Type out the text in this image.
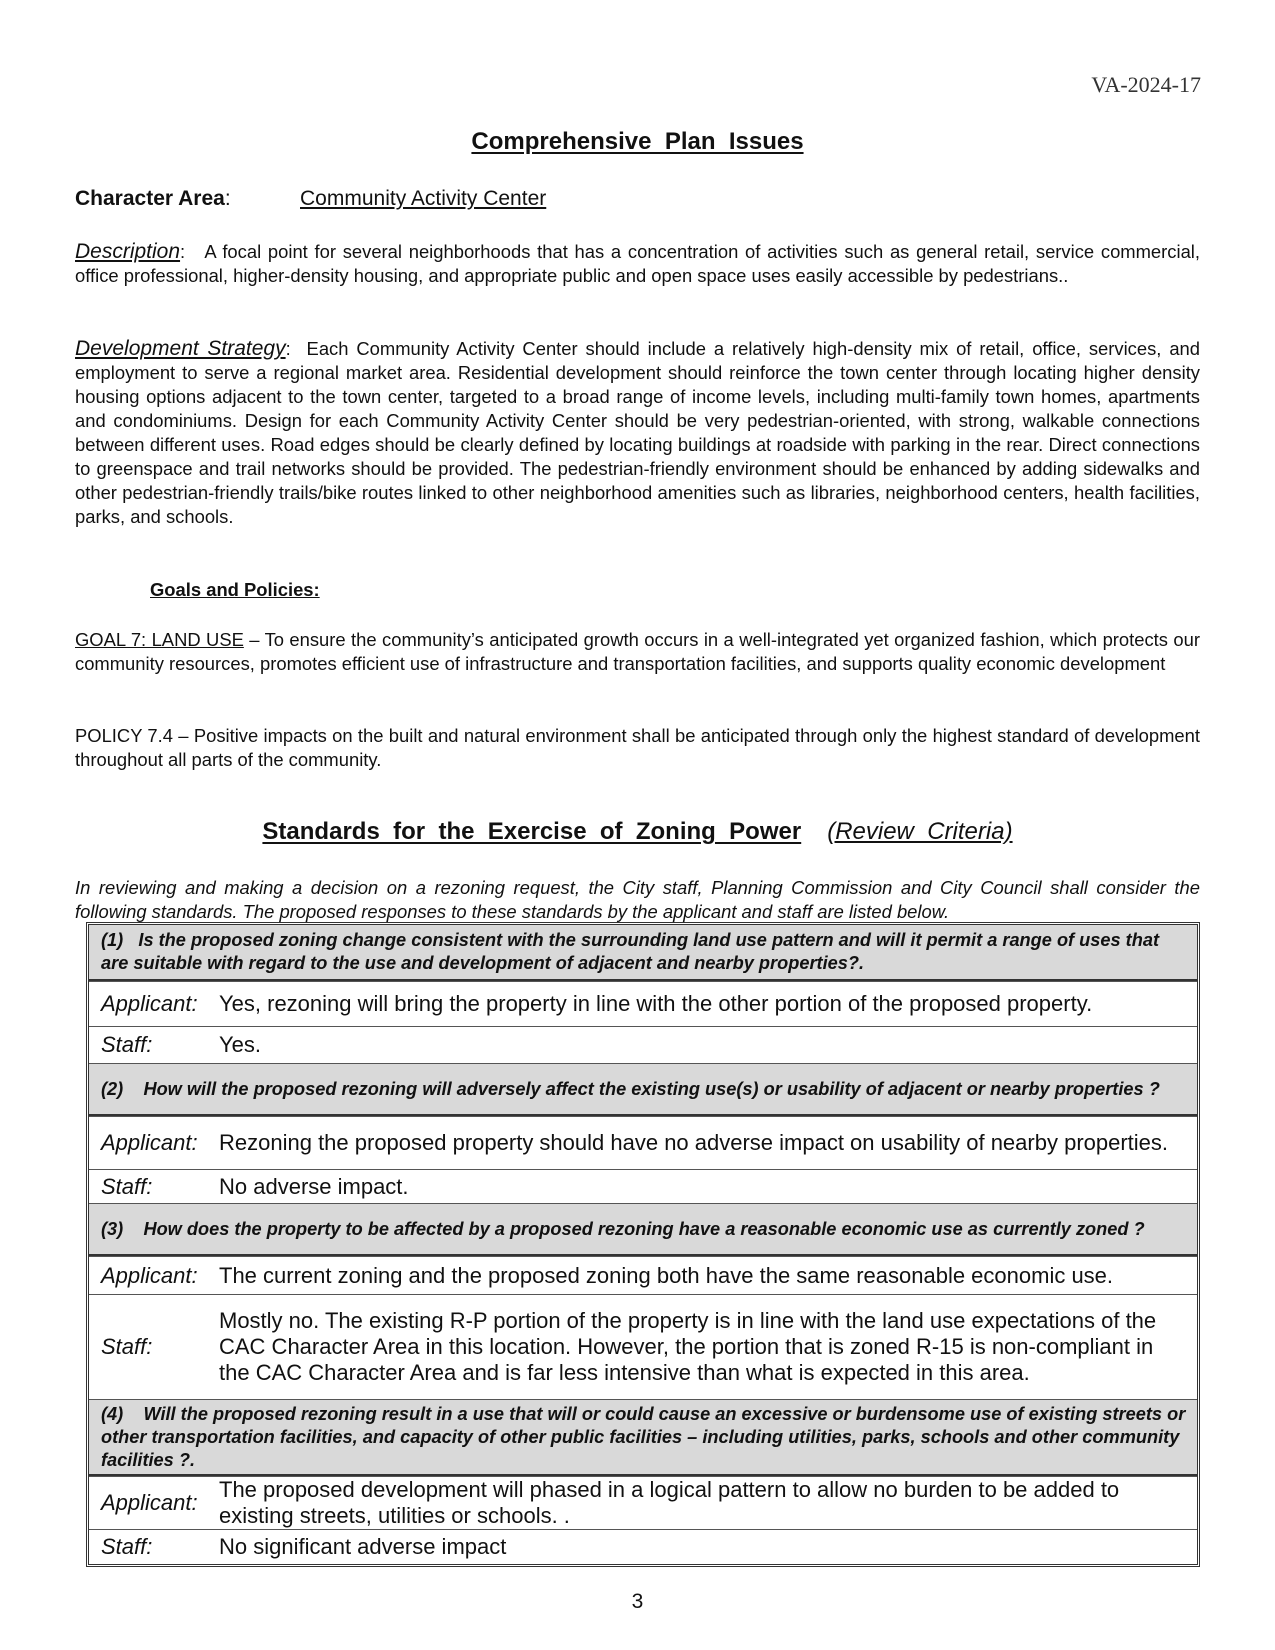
VA-2024-17
Comprehensive  Plan  Issues
Character Area:	Community Activity Center
Description:   A focal point for several neighborhoods that has a concentration of activities such as general retail, service commercial, office professional, higher-density housing, and appropriate public and open space uses easily accessible by pedestrians..
Development Strategy:  Each Community Activity Center should include a relatively high-density mix of retail, office, services, and employment to serve a regional market area. Residential development should reinforce the town center through locating higher density housing options adjacent to the town center, targeted to a broad range of income levels, including multi-family town homes, apartments and condominiums. Design for each Community Activity Center should be very pedestrian-oriented, with strong, walkable connections between different uses. Road edges should be clearly defined by locating buildings at roadside with parking in the rear. Direct connections to greenspace and trail networks should be provided. The pedestrian-friendly environment should be enhanced by adding sidewalks and other pedestrian-friendly trails/bike routes linked to other neighborhood amenities such as libraries, neighborhood centers, health facilities, parks, and schools.
Goals and Policies:
GOAL 7: LAND USE – To ensure the community’s anticipated growth occurs in a well-integrated yet organized fashion, which protects our community resources, promotes efficient use of infrastructure and transportation facilities, and supports quality economic development
POLICY 7.4 – Positive impacts on the built and natural environment shall be anticipated through only the highest standard of development throughout all parts of the community.
Standards  for  the  Exercise  of  Zoning  Power (Review  Criteria)
In reviewing and making a decision on a rezoning request, the City staff, Planning Commission and City Council shall consider the following standards. The proposed responses to these standards by the applicant and staff are listed below.
(1)   Is the proposed zoning change consistent with the surrounding land use pattern and will it permit a range of uses that are suitable with regard to the use and development of adjacent and nearby properties?.	
Applicant:	Yes, rezoning will bring the property in line with the other portion of the proposed property.
Staff:	Yes.
(2)    How will the proposed rezoning will adversely affect the existing use(s) or usability of adjacent or nearby properties ?	
Applicant:	Rezoning the proposed property should have no adverse impact on usability of nearby properties.
Staff:	No adverse impact.
(3)    How does the property to be affected by a proposed rezoning have a reasonable economic use as currently zoned ?	
Applicant:	The current zoning and the proposed zoning both have the same reasonable economic use.
Staff:	Mostly no. The existing R-P portion of the property is in line with the land use expectations of the CAC Character Area in this location. However, the portion that is zoned R-15 is non-compliant in the CAC Character Area and is far less intensive than what is expected in this area.
(4)    Will the proposed rezoning result in a use that will or could cause an excessive or burdensome use of existing streets or other transportation facilities, and capacity of other public facilities – including utilities, parks, schools and other community facilities ?.	
Applicant:	The proposed development will phased in a logical pattern to allow no burden to be added to existing streets, utilities or schools. .
Staff:	No significant adverse impact
3
